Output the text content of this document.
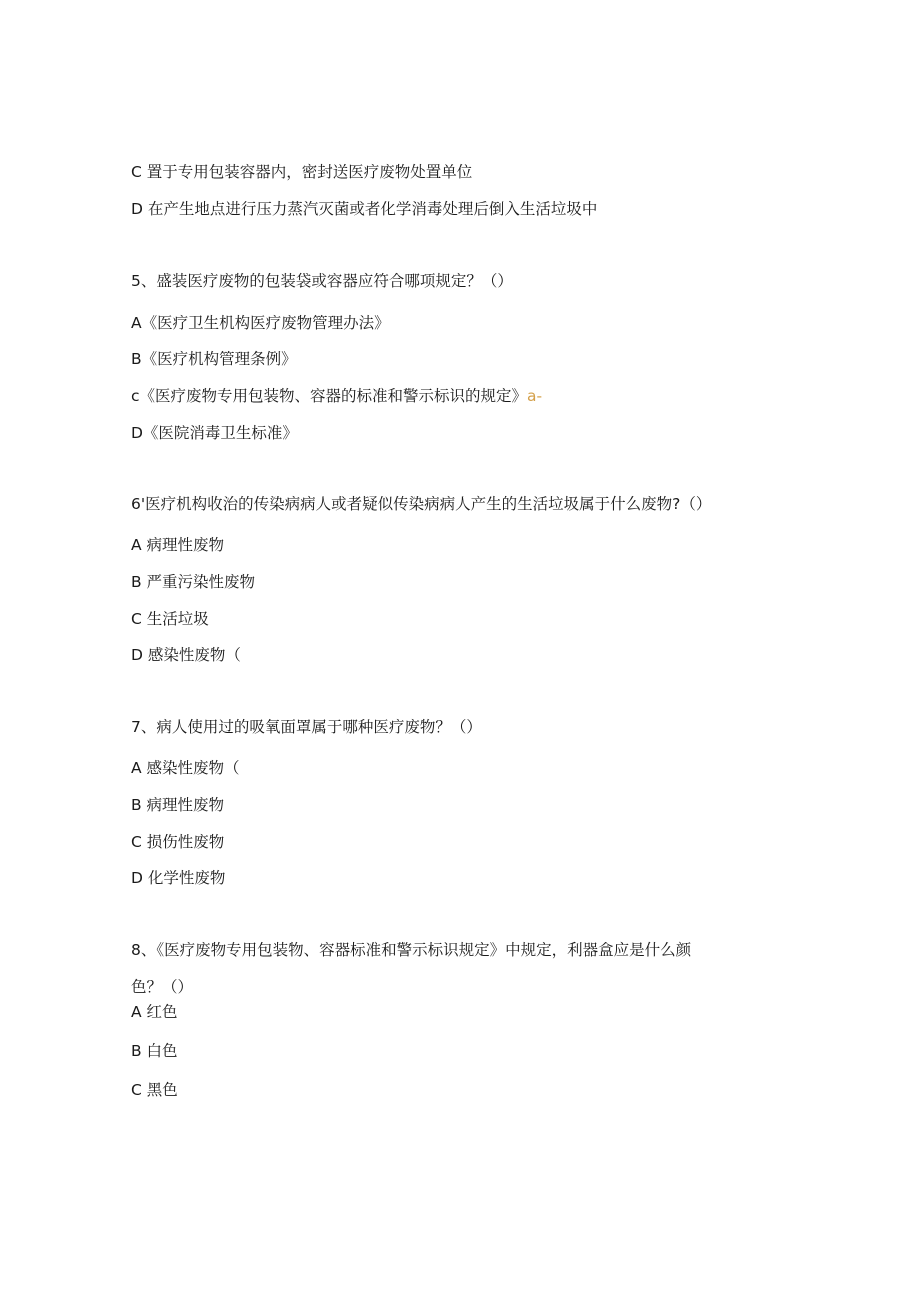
C 置于专用包装容器内，密封送医疗废物处置单位
D 在产生地点进行压力蒸汽灭菌或者化学消毒处理后倒入生活垃圾中
5、盛装医疗废物的包装袋或容器应符合哪项规定？（）
A《医疗卫生机构医疗废物管理办法》
B《医疗机构管理条例》
c《医疗废物专用包装物、容器的标准和警示标识的规定》a-
D《医院消毒卫生标准》
6'医疗机构收治的传染病病人或者疑似传染病病人产生的生活垃圾属于什么废物?（）
A 病理性废物
B 严重污染性废物
C 生活垃圾
D 感染性废物（
7、病人使用过的吸氧面罩属于哪种医疗废物？（）
A 感染性废物（
B 病理性废物
C 损伤性废物
D 化学性废物
8、《医疗废物专用包装物、容器标准和警示标识规定》中规定，利器盒应是什么颜
色？（）
A 红色
B 白色
C 黑色
